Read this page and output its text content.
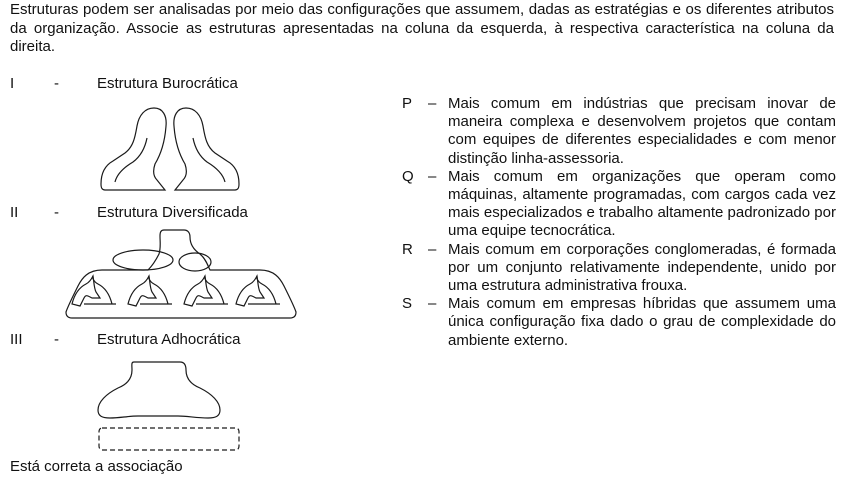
Estruturas podem ser analisadas por meio das configurações que assumem, dadas as estratégias e os diferentes atributos da organização. Associe as estruturas apresentadas na coluna da esquerda, à respectiva característica na coluna da direita.
I	-	Estrutura Burocrática
II	-	Estrutura Diversificada
III	-	Estrutura Adhocrática
P – Mais comum em indústrias que precisam inovar de maneira complexa e desenvolvem projetos que contam com equipes de diferentes especialidades e com menor distinção linha-assessoria.
Q – Mais comum em organizações que operam como máquinas, altamente programadas, com cargos cada vez mais especializados e trabalho altamente padronizado por uma equipe tecnocrática.
R – Mais comum em corporações conglomeradas, é formada por um conjunto relativamente independente, unido por uma estrutura administrativa frouxa.
S – Mais comum em empresas híbridas que assumem uma única configuração fixa dado o grau de complexidade do ambiente externo.
Está correta a associação
